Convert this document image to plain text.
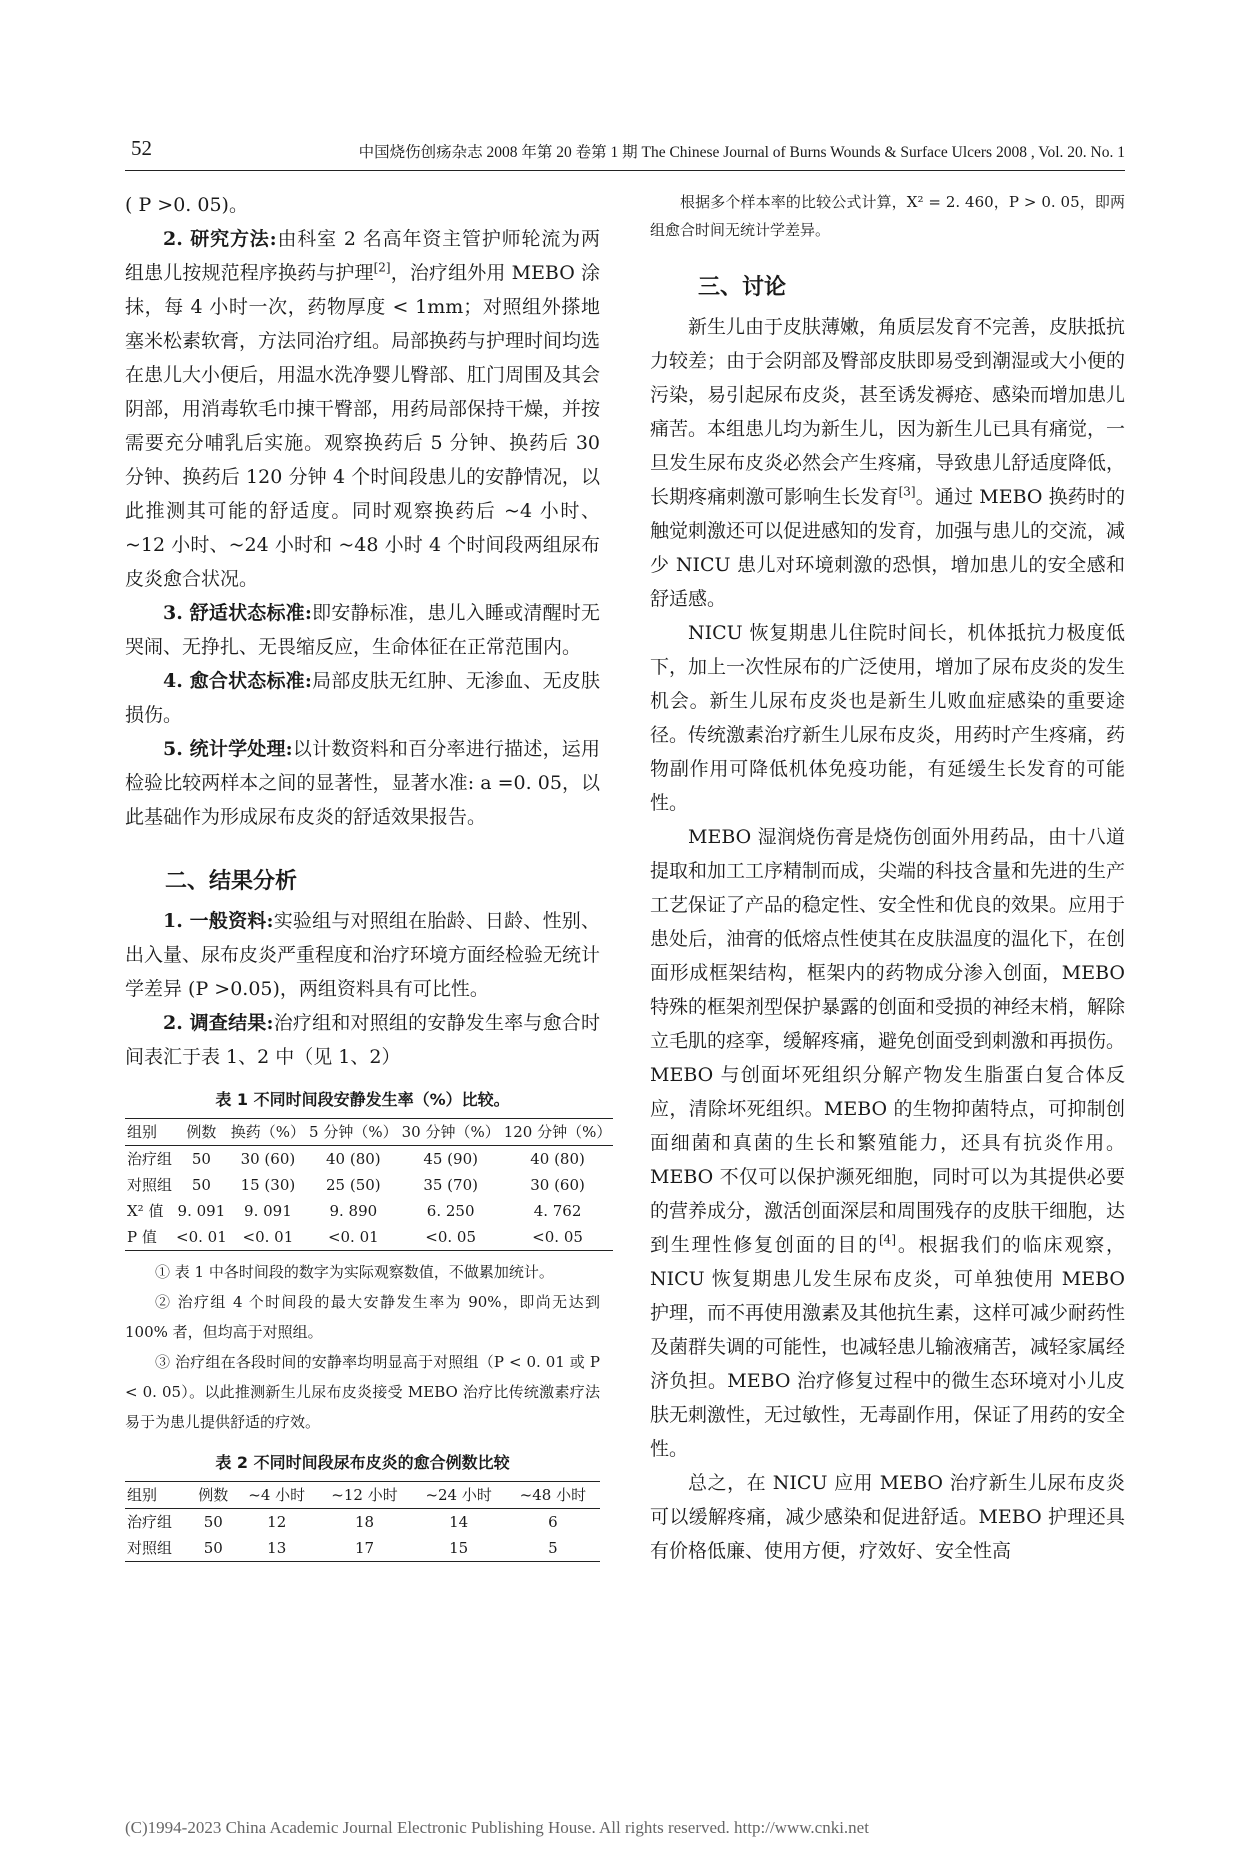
52	中国烧伤创疡杂志 2008 年第 20 卷第 1 期 The Chinese Journal of Burns Wounds & Surface Ulcers 2008 , Vol. 20. No. 1

( P >0. 05)。

2. 研究方法:由科室 2 名高年资主管护师轮流为两组患儿按规范程序换药与护理[2]，治疗组外用 MEBO 涂抹，每 4 小时一次，药物厚度 < 1mm；对照组外搽地塞米松素软膏，方法同治疗组。局部换药与护理时间均选在患儿大小便后，用温水洗净婴儿臀部、肛门周围及其会阴部，用消毒软毛巾㨂干臀部，用药局部保持干燥，并按需要充分哺乳后实施。观察换药后 5 分钟、换药后 30 分钟、换药后 120 分钟 4 个时间段患儿的安静情况，以此推测其可能的舒适度。同时观察换药后 ~4 小时、~12 小时、~24 小时和 ~48 小时 4 个时间段两组尿布皮炎愈合状况。

3. 舒适状态标准:即安静标准，患儿入睡或清醒时无哭闹、无挣扎、无畏缩反应，生命体征在正常范围内。

4. 愈合状态标准:局部皮肤无红肿、无渗血、无皮肤损伤。

5. 统计学处理:以计数资料和百分率进行描述，运用检验比较两样本之间的显著性，显著水准: a =0. 05，以此基础作为形成尿布皮炎的舒适效果报告。

二、结果分析

1. 一般资料:实验组与对照组在胎龄、日龄、性别、出入量、尿布皮炎严重程度和治疗环境方面经检验无统计学差异 (P >0.05)，两组资料具有可比性。

2. 调查结果:治疗组和对照组的安静发生率与愈合时间表汇于表 1、2 中（见 1、2）

表 1 不同时间段安静发生率（%）比较。
组别	例数	换药（%）	5 分钟（%）	30 分钟（%）	120 分钟（%）
治疗组	50	30 (60)	40 (80)	45 (90)	40 (80)
对照组	50	15 (30)	25 (50)	35 (70)	30 (60)
X² 值	9. 091	9. 091	9. 890	6. 250	4. 762
P 值	<0. 01	<0. 01	<0. 01	<0. 05	<0. 05

① 表 1 中各时间段的数字为实际观察数值，不做累加统计。

② 治疗组 4 个时间段的最大安静发生率为 90%，即尚无达到 100% 者，但均高于对照组。

③ 治疗组在各段时间的安静率均明显高于对照组（P < 0. 01 或 P < 0. 05）。以此推测新生儿尿布皮炎接受 MEBO 治疗比传统激素疗法易于为患儿提供舒适的疗效。

表 2 不同时间段尿布皮炎的愈合例数比较
组别	例数	~4 小时	~12 小时	~24 小时	~48 小时
治疗组	50	12	18	14	6
对照组	50	13	17	15	5

根据多个样本率的比较公式计算，X² = 2. 460，P > 0. 05，即两组愈合时间无统计学差异。

三、讨论

新生儿由于皮肤薄嫩，角质层发育不完善，皮肤抵抗力较差；由于会阴部及臀部皮肤即易受到潮湿或大小便的污染，易引起尿布皮炎，甚至诱发褥疮、感染而增加患儿痛苦。本组患儿均为新生儿，因为新生儿已具有痛觉，一旦发生尿布皮炎必然会产生疼痛，导致患儿舒适度降低，长期疼痛刺激可影响生长发育[3]。通过 MEBO 换药时的触觉刺激还可以促进感知的发育，加强与患儿的交流，减少 NICU 患儿对环境刺激的恐惧，增加患儿的安全感和舒适感。

NICU 恢复期患儿住院时间长，机体抵抗力极度低下，加上一次性尿布的广泛使用，增加了尿布皮炎的发生机会。新生儿尿布皮炎也是新生儿败血症感染的重要途径。传统激素治疗新生儿尿布皮炎，用药时产生疼痛，药物副作用可降低机体免疫功能，有延缓生长发育的可能性。

MEBO 湿润烧伤膏是烧伤创面外用药品，由十八道提取和加工工序精制而成，尖端的科技含量和先进的生产工艺保证了产品的稳定性、安全性和优良的效果。应用于患处后，油膏的低熔点性使其在皮肤温度的温化下，在创面形成框架结构，框架内的药物成分渗入创面，MEBO 特殊的框架剂型保护暴露的创面和受损的神经末梢，解除立毛肌的痉挛，缓解疼痛，避免创面受到刺激和再损伤。MEBO 与创面坏死组织分解产物发生脂蛋白复合体反应，清除坏死组织。MEBO 的生物抑菌特点，可抑制创面细菌和真菌的生长和繁殖能力，还具有抗炎作用。MEBO 不仅可以保护濒死细胞，同时可以为其提供必要的营养成分，激活创面深层和周围残存的皮肤干细胞，达到生理性修复创面的目的[4]。根据我们的临床观察，NICU 恢复期患儿发生尿布皮炎，可单独使用 MEBO 护理，而不再使用激素及其他抗生素，这样可减少耐药性及菌群失调的可能性，也减轻患儿输液痛苦，减轻家属经济负担。MEBO 治疗修复过程中的微生态环境对小儿皮肤无刺激性，无过敏性，无毒副作用，保证了用药的安全性。

总之，在 NICU 应用 MEBO 治疗新生儿尿布皮炎可以缓解疼痛，减少感染和促进舒适。MEBO 护理还具有价格低廉、使用方便，疗效好、安全性高

(C)1994-2023 China Academic Journal Electronic Publishing House. All rights reserved. http://www.cnki.net
